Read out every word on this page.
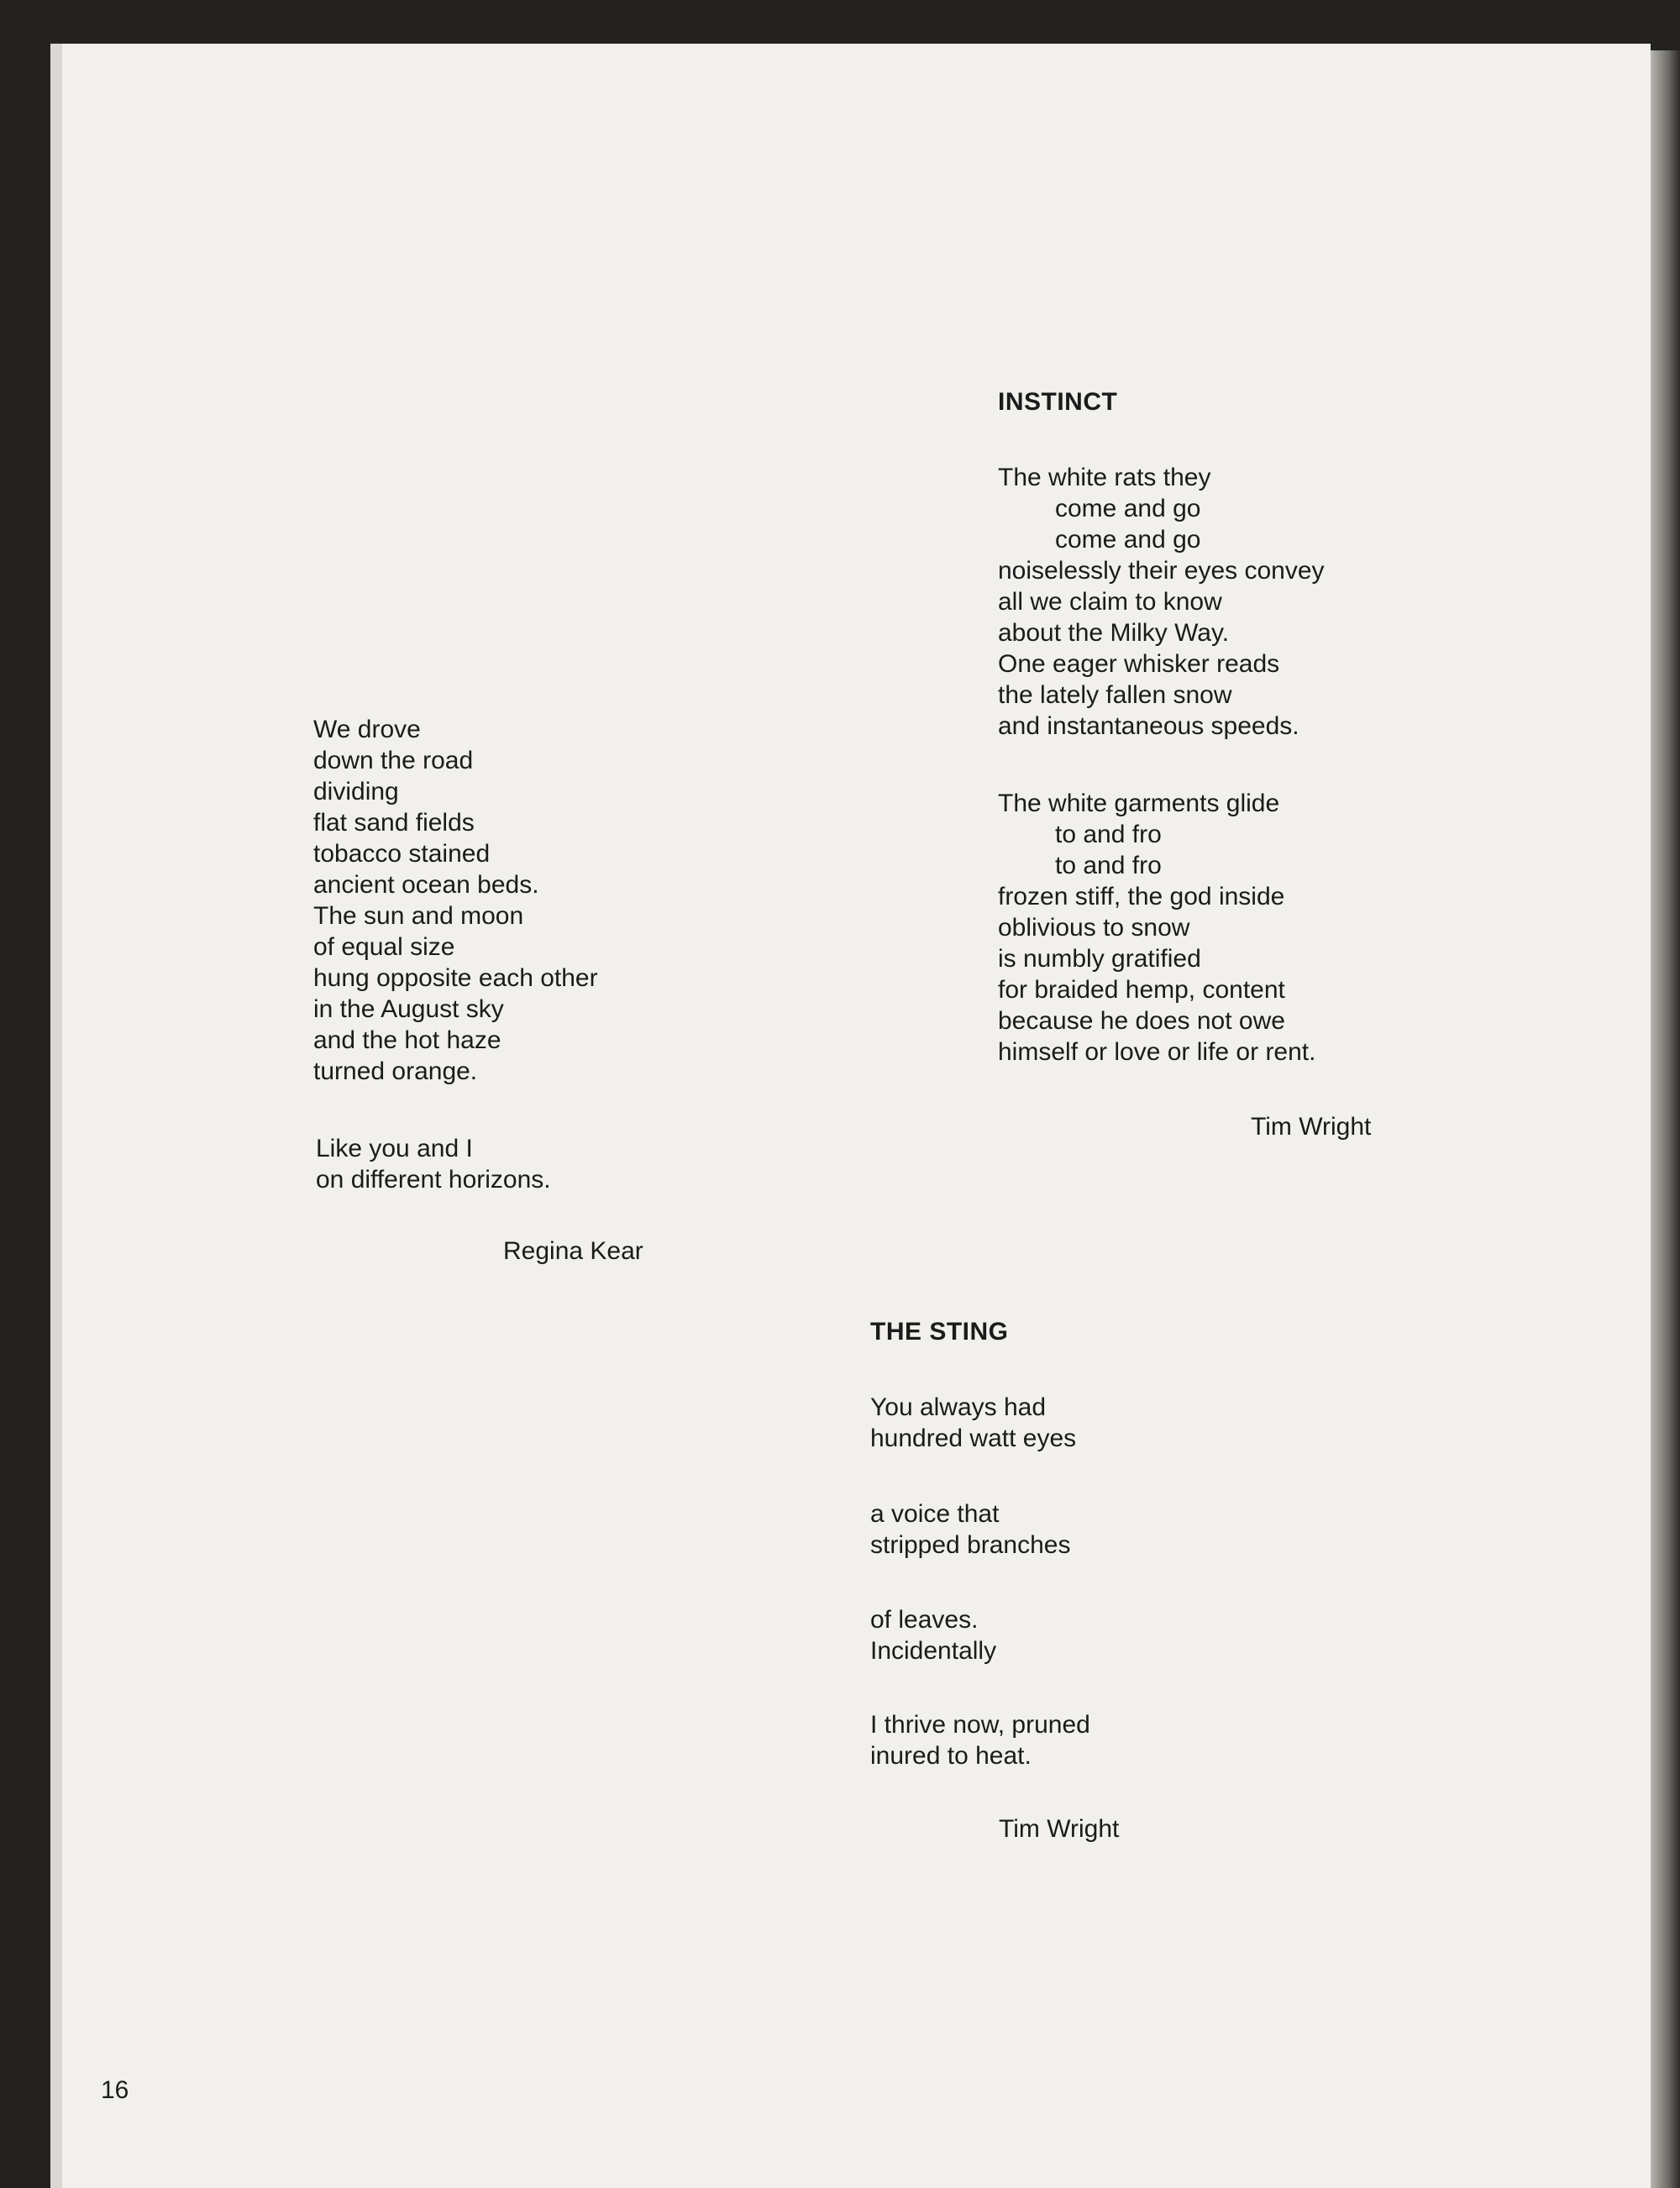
We drove
down the road
dividing
flat sand fields
tobacco stained
ancient ocean beds.
The sun and moon
of equal size
hung opposite each other
in the August sky
and the hot haze
turned orange.
Like you and I
on different horizons.
Regina Kear
INSTINCT
The white rats they
come and go
come and go
noiselessly their eyes convey
all we claim to know
about the Milky Way.
One eager whisker reads
the lately fallen snow
and instantaneous speeds.
The white garments glide
to and fro
to and fro
frozen stiff, the god inside
oblivious to snow
is numbly gratified
for braided hemp, content
because he does not owe
himself or love or life or rent.
Tim Wright
THE STING
You always had
hundred watt eyes
a voice that
stripped branches
of leaves.
Incidentally
I thrive now, pruned
inured to heat.
Tim Wright
16
